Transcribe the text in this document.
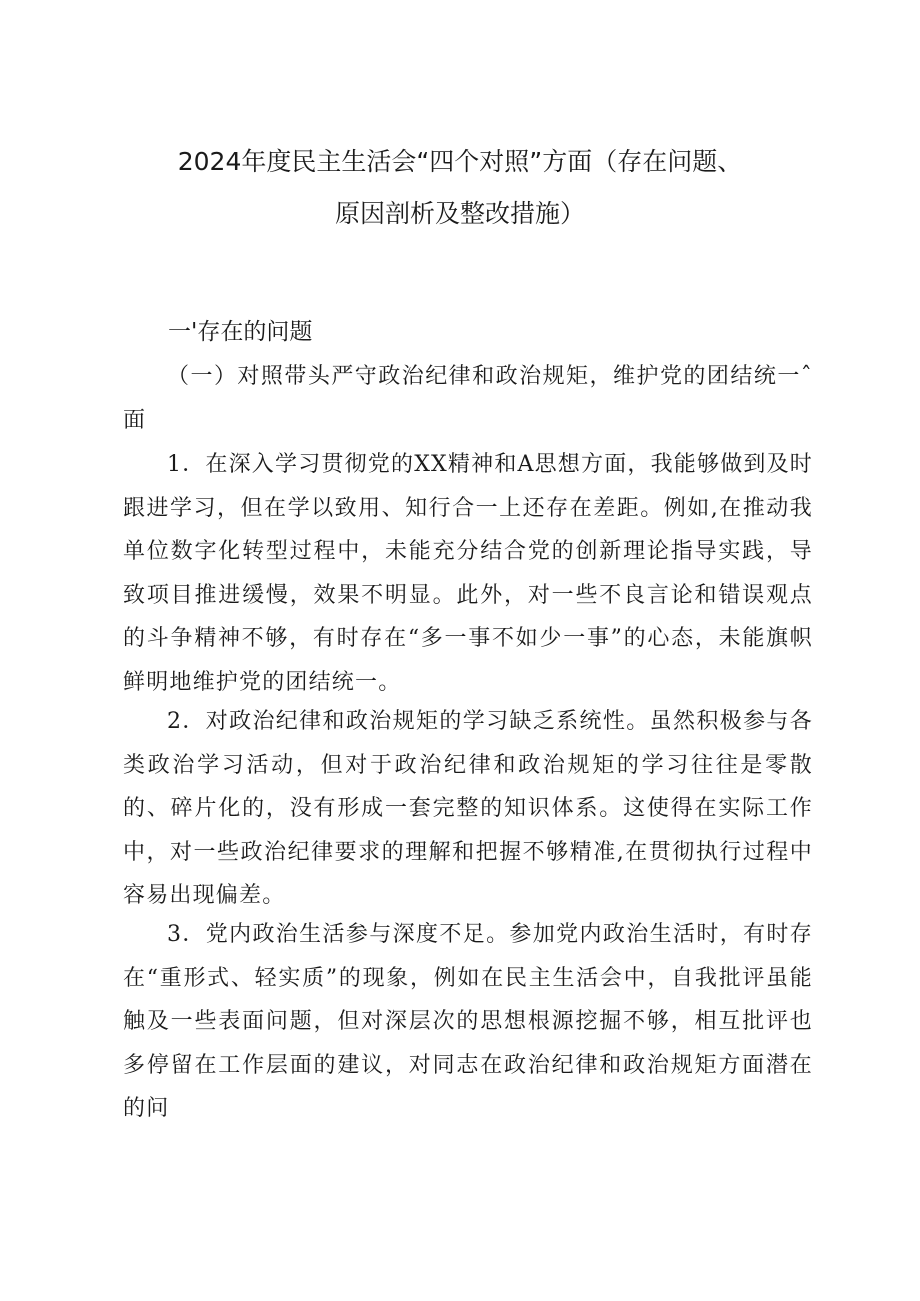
2024年度民主生活会“四个对照”方面（存在问题、
原因剖析及整改措施）
一'存在的问题

（一）对照带头严守政治纪律和政治规矩，维护党的团结统一ˆ面

1．在深入学习贯彻党的XX精神和A思想方面，我能够做到及时跟进学习，但在学以致用、知行合一上还存在差距。例如,在推动我单位数字化转型过程中，未能充分结合党的创新理论指导实践，导致项目推进缓慢，效果不明显。此外，对一些不良言论和错误观点的斗争精神不够，有时存在“多一事不如少一事”的心态，未能旗帜鲜明地维护党的团结统一。

2．对政治纪律和政治规矩的学习缺乏系统性。虽然积极参与各类政治学习活动，但对于政治纪律和政治规矩的学习往往是零散的、碎片化的，没有形成一套完整的知识体系。这使得在实际工作中，对一些政治纪律要求的理解和把握不够精准,在贯彻执行过程中容易出现偏差。

3．党内政治生活参与深度不足。参加党内政治生活时，有时存在“重形式、轻实质”的现象，例如在民主生活会中，自我批评虽能触及一些表面问题，但对深层次的思想根源挖掘不够，相互批评也多停留在工作层面的建议，对同志在政治纪律和政治规矩方面潜在的问
